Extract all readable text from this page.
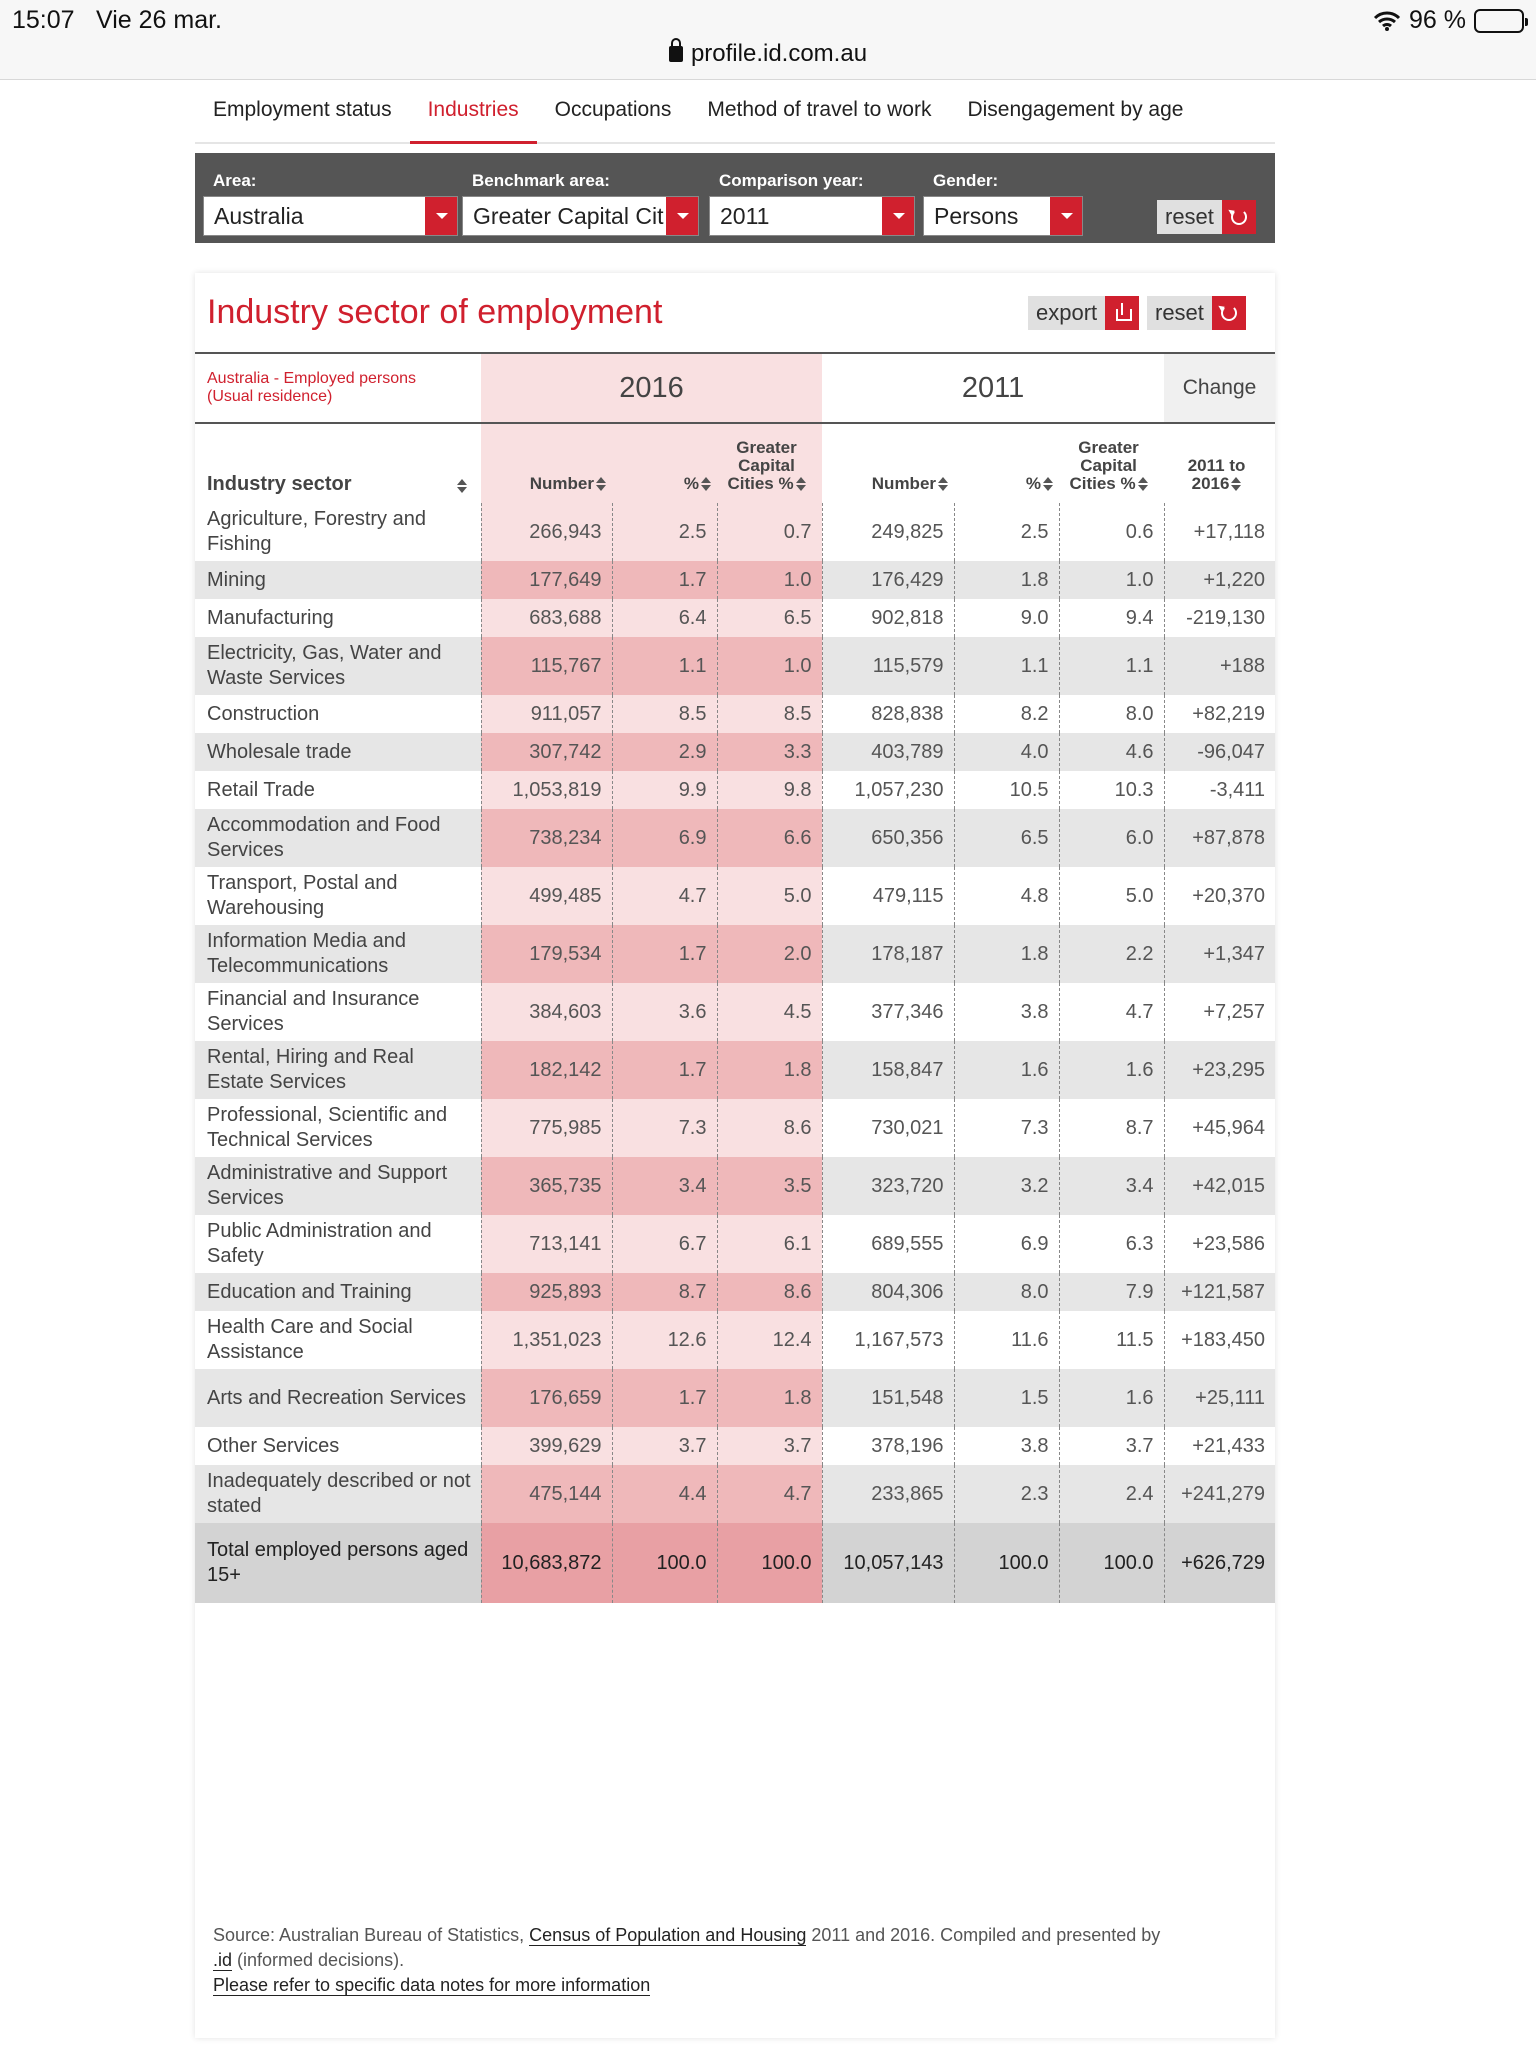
15:07 Vie 26 mar.	96 %
profile.id.com.au
Employment status	Industries	Occupations	Method of travel to work	Disengagement by age
Area:
Australia
Benchmark area:
Greater Capital Cit
Comparison year:
2011
Gender:
Persons	reset
Industry sector of employment	export	reset
Australia - Employed persons
(Usual residence)	2016			2011			Change
Industry sector	Number	%	Greater
Capital
Cities %	Number	%	Greater
Capital
Cities %	2011 to
2016
Agriculture, Forestry and Fishing	266,943	2.5	0.7	249,825	2.5	0.6	+17,118
Mining	177,649	1.7	1.0	176,429	1.8	1.0	+1,220
Manufacturing	683,688	6.4	6.5	902,818	9.0	9.4	-219,130
Electricity, Gas, Water and Waste Services	115,767	1.1	1.0	115,579	1.1	1.1	+188
Construction	911,057	8.5	8.5	828,838	8.2	8.0	+82,219
Wholesale trade	307,742	2.9	3.3	403,789	4.0	4.6	-96,047
Retail Trade	1,053,819	9.9	9.8	1,057,230	10.5	10.3	-3,411
Accommodation and Food Services	738,234	6.9	6.6	650,356	6.5	6.0	+87,878
Transport, Postal and Warehousing	499,485	4.7	5.0	479,115	4.8	5.0	+20,370
Information Media and Telecommunications	179,534	1.7	2.0	178,187	1.8	2.2	+1,347
Financial and Insurance Services	384,603	3.6	4.5	377,346	3.8	4.7	+7,257
Rental, Hiring and Real Estate Services	182,142	1.7	1.8	158,847	1.6	1.6	+23,295
Professional, Scientific and Technical Services	775,985	7.3	8.6	730,021	7.3	8.7	+45,964
Administrative and Support Services	365,735	3.4	3.5	323,720	3.2	3.4	+42,015
Public Administration and Safety	713,141	6.7	6.1	689,555	6.9	6.3	+23,586
Education and Training	925,893	8.7	8.6	804,306	8.0	7.9	+121,587
Health Care and Social Assistance	1,351,023	12.6	12.4	1,167,573	11.6	11.5	+183,450
Arts and Recreation Services	176,659	1.7	1.8	151,548	1.5	1.6	+25,111
Other Services	399,629	3.7	3.7	378,196	3.8	3.7	+21,433
Inadequately described or not stated	475,144	4.4	4.7	233,865	2.3	2.4	+241,279
Total employed persons aged 15+	10,683,872	100.0	100.0	10,057,143	100.0	100.0	+626,729
Source: Australian Bureau of Statistics, Census of Population and Housing 2011 and 2016. Compiled and presented by
.id (informed decisions).
Please refer to specific data notes for more information
